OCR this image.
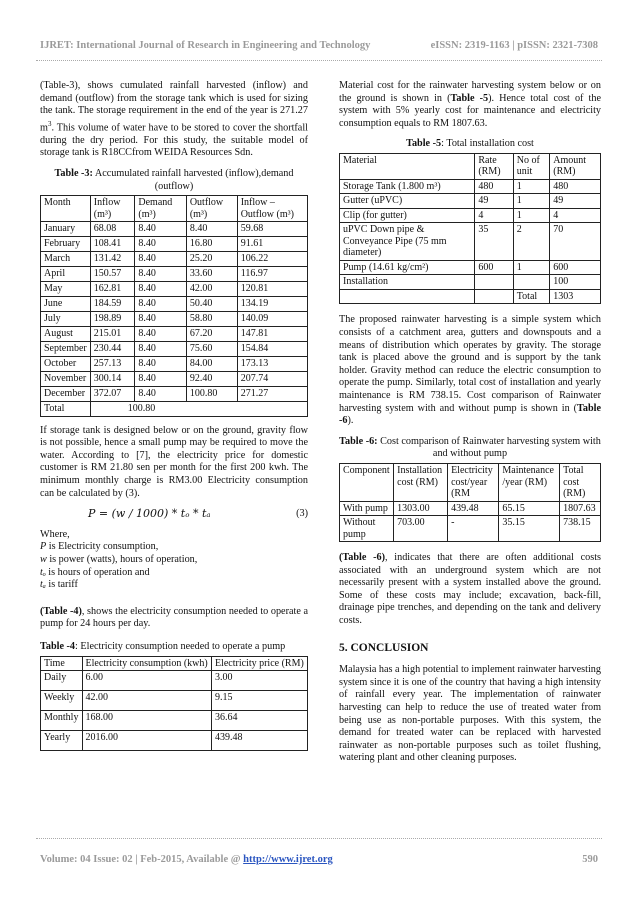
IJRET: International Journal of Research in Engineering and Technology	eISSN: 2319-1163 | pISSN: 2321-7308

(Table-3), shows cumulated rainfall harvested (inflow) and demand (outflow) from the storage tank which is used for sizing the tank. The storage requirement in the end of the year is 271.27 $m^3$. This volume of water have to be stored to cover the shortfall during the dry period. For this study, the suitable model of storage tank is R18CCfrom WEIDA Resources Sdn.

Table -3: Accumulated rainfall harvested (inflow),demand (outflow)
Month	Inflow (m³)	Demand (m³)	Outflow (m³)	Inflow – Outflow (m³)
January	68.08	8.40	8.40	59.68
February	108.41	8.40	16.80	91.61
March	131.42	8.40	25.20	106.22
April	150.57	8.40	33.60	116.97
May	162.81	8.40	42.00	120.81
June	184.59	8.40	50.40	134.19
July	198.89	8.40	58.80	140.09
August	215.01	8.40	67.20	147.81
September	230.44	8.40	75.60	154.84
October	257.13	8.40	84.00	173.13
November	300.14	8.40	92.40	207.74
December	372.07	8.40	100.80	271.27
Total	100.80			

If storage tank is designed below or on the ground, gravity flow is not possible, hence a small pump may be required to move the water. According to [7], the electricity price for domestic customer is RM 21.80 sen per month for the first 200 kwh. The minimum monthly charge is RM3.00 Electricity consumption can be calculated by (3).

P = (w / 1000) * tₒ * tₐ	(3)
Where,
P is Electricity consumption,
w is power (watts), hours of operation,
tₒ is hours of operation and
tₐ is tariff

(Table -4), shows the electricity consumption needed to operate a pump for 24 hours per day.

Table -4: Electricity consumption needed to operate a pump
Time	Electricity consumption (kwh)	Electricity price (RM)
Daily	6.00	3.00
Weekly	42.00	9.15
Monthly	168.00	36.64
Yearly	2016.00	439.48

Material cost for the rainwater harvesting system below or on the ground is shown in (Table -5). Hence total cost of the system with 5% yearly cost for maintenance and electricity consumption equals to RM 1807.63.

Table -5: Total installation cost
Material	Rate (RM)	No of unit	Amount (RM)
Storage Tank (1.800 m³)	480	1	480
Gutter (uPVC)	49	1	49
Clip (for gutter)	4	1	4
uPVC Down pipe & Conveyance Pipe (75 mm diameter)	35	2	70
Pump (14.61 kg/cm²)	600	1	600
Installation			100
		Total	1303

The proposed rainwater harvesting is a simple system which consists of a catchment area, gutters and downspouts and a means of distribution which operates by gravity. The storage tank is placed above the ground and is support by the tank holder. Gravity method can reduce the electric consumption to operate the pump. Similarly, total cost of installation and yearly maintenance is RM 738.15. Cost comparison of Rainwater harvesting system with and without pump is shown in (Table -6).

Table -6: Cost comparison of Rainwater harvesting system with and without pump
Component	Installation cost (RM)	Electricity cost/year (RM	Maintenance /year (RM)	Total cost (RM)
With pump	1303.00	439.48	65.15	1807.63
Without pump	703.00	-	35.15	738.15

(Table -6), indicates that there are often additional costs associated with an underground system which are not necessarily present with a system installed above the ground. Some of these costs may include; excavation, back-fill, drainage pipe trenches, and depending on the tank and delivery costs.

5. CONCLUSION

Malaysia has a high potential to implement rainwater harvesting system since it is one of the country that having a high intensity of rainfall every year. The implementation of rainwater harvesting can help to reduce the use of treated water from being use as non-portable purposes. With this system, the demand for treated water can be replaced with harvested rainwater as non-portable purposes such as toilet flushing, watering plant and other cleaning purposes.

Volume: 04 Issue: 02 | Feb-2015, Available @ http://www.ijret.org	590
